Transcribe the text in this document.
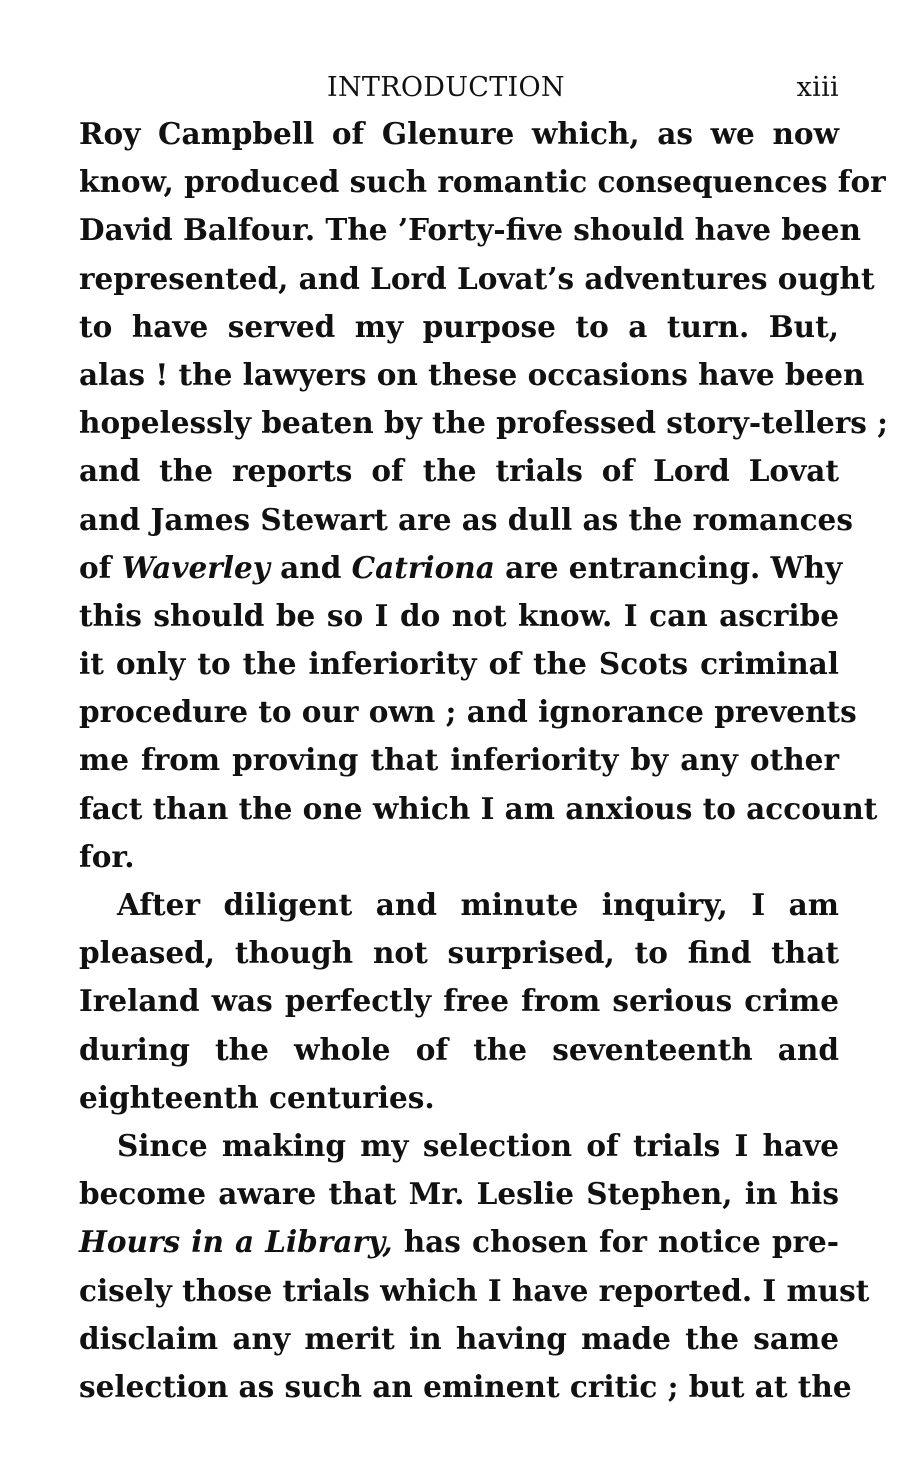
INTRODUCTION	xiii
Roy Campbell of Glenure which, as we now
know, produced such romantic consequences for
David Balfour. The ’Forty-five should have been
represented, and Lord Lovat’s adventures ought
to have served my purpose to a turn. But,
alas ! the lawyers on these occasions have been
hopelessly beaten by the professed story-tellers ;
and the reports of the trials of Lord Lovat
and James Stewart are as dull as the romances
of Waverley and Catriona are entrancing. Why
this should be so I do not know. I can ascribe
it only to the inferiority of the Scots criminal
procedure to our own ; and ignorance prevents
me from proving that inferiority by any other
fact than the one which I am anxious to account
for.
After diligent and minute inquiry, I am
pleased, though not surprised, to find that
Ireland was perfectly free from serious crime
during the whole of the seventeenth and
eighteenth centuries.
Since making my selection of trials I have
become aware that Mr. Leslie Stephen, in his
Hours in a Library, has chosen for notice pre-
cisely those trials which I have reported. I must
disclaim any merit in having made the same
selection as such an eminent critic ; but at the
